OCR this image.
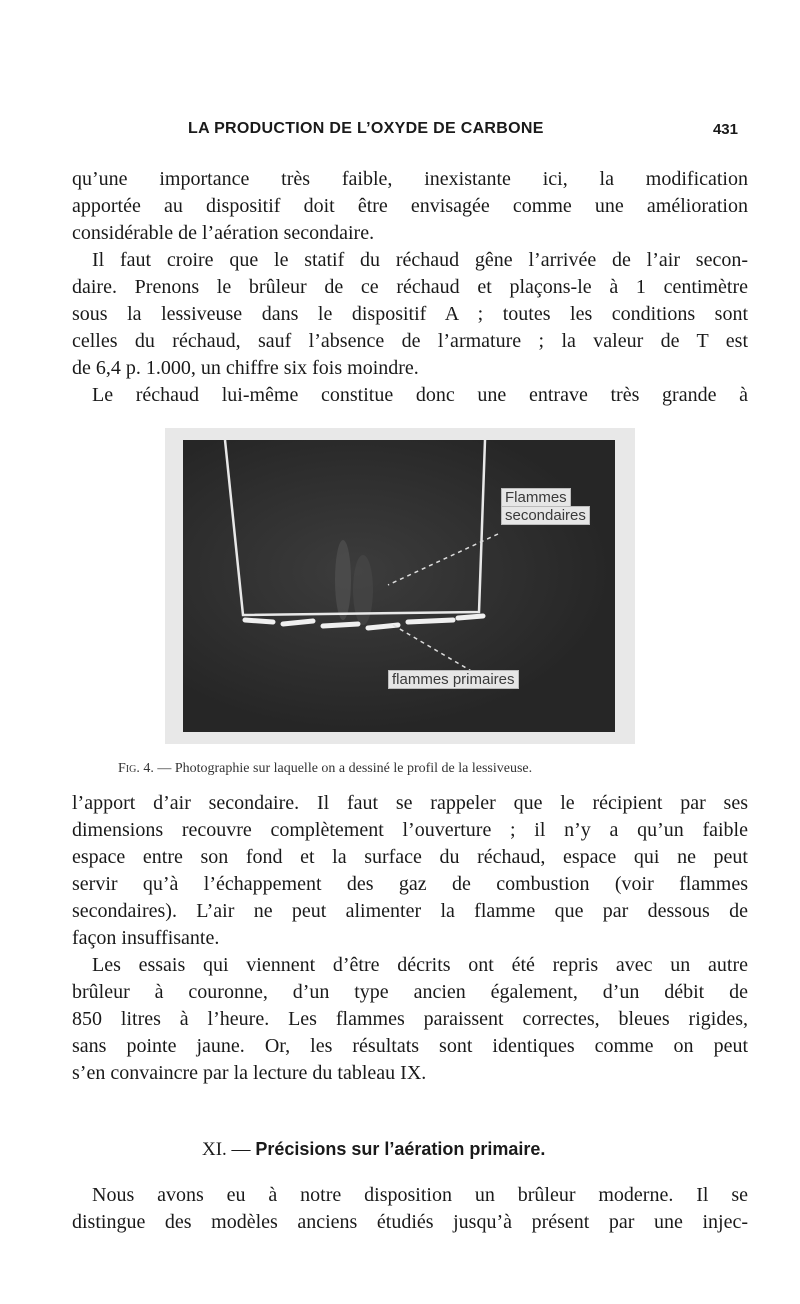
LA PRODUCTION DE L’OXYDE DE CARBONE	431

qu’une importance très faible, inexistante ici, la modification

apportée au dispositif doit être envisagée comme une amélioration

considérable de l’aération secondaire.

Il faut croire que le statif du réchaud gêne l’arrivée de l’air secon-

daire. Prenons le brûleur de ce réchaud et plaçons-le à 1 centimètre

sous la lessiveuse dans le dispositif A ; toutes les conditions sont

celles du réchaud, sauf l’absence de l’armature ; la valeur de T est

de 6,4 p. 1.000, un chiffre six fois moindre.

Le réchaud lui-même constitue donc une entrave très grande à

Flammes
secondaires
flammes primaires
Fig. 4. — Photographie sur laquelle on a dessiné le profil de la lessiveuse.

l’apport d’air secondaire. Il faut se rappeler que le récipient par ses

dimensions recouvre complètement l’ouverture ; il n’y a qu’un faible

espace entre son fond et la surface du réchaud, espace qui ne peut

servir qu’à l’échappement des gaz de combustion (voir flammes

secondaires). L’air ne peut alimenter la flamme que par dessous de

façon insuffisante.

Les essais qui viennent d’être décrits ont été repris avec un autre

brûleur à couronne, d’un type ancien également, d’un débit de

850 litres à l’heure. Les flammes paraissent correctes, bleues rigides,

sans pointe jaune. Or, les résultats sont identiques comme on peut

s’en convaincre par la lecture du tableau IX.

XI. — Précisions sur l’aération primaire.

Nous avons eu à notre disposition un brûleur moderne. Il se

distingue des modèles anciens étudiés jusqu’à présent par une injec-
